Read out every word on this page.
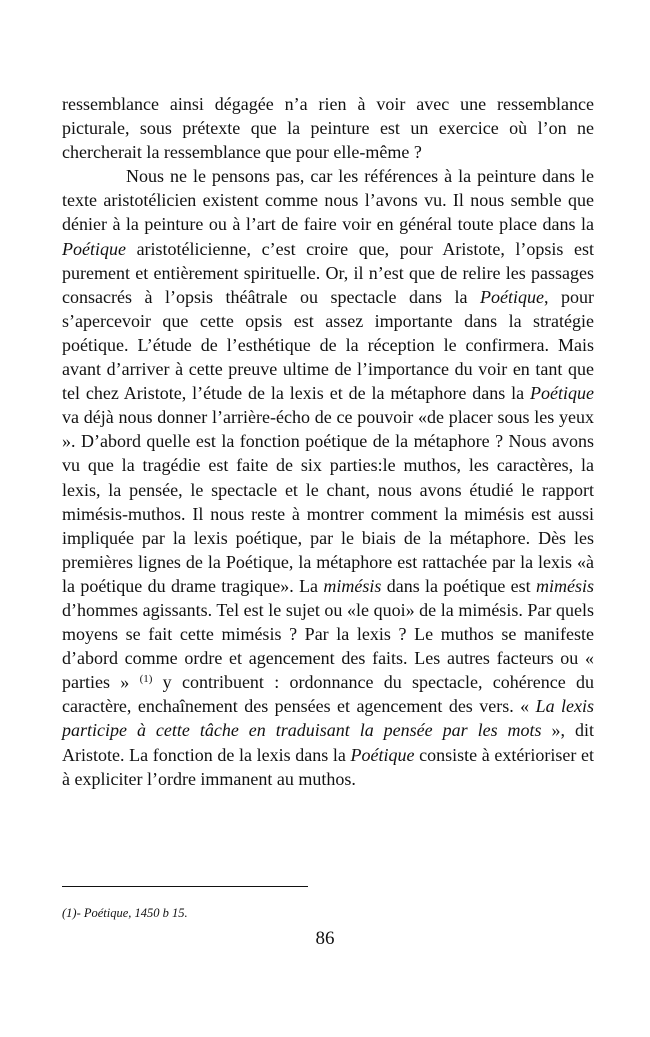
ressemblance ainsi dégagée n’a rien à voir avec une ressemblance picturale, sous prétexte que la peinture est un exercice où l’on ne chercherait la ressemblance que pour elle-même ?

Nous ne le pensons pas, car les références à la peinture dans le texte aristotélicien existent comme nous l’avons vu. Il nous semble que dénier à la peinture ou à l’art de faire voir en général toute place dans la Poétique aristotélicienne, c’est croire que, pour Aristote, l’opsis est purement et entièrement spirituelle. Or, il n’est que de relire les passages consacrés à l’opsis théâtrale ou spectacle dans la Poétique, pour s’apercevoir que cette opsis est assez importante dans la stratégie poétique. L’étude de l’esthétique de la réception le confirmera. Mais avant d’arriver à cette preuve ultime de l’importance du voir en tant que tel chez Aristote, l’étude de la lexis et de la métaphore dans la Poétique va déjà nous donner l’arrière-écho de ce pouvoir «de placer sous les yeux ». D’abord quelle est la fonction poétique de la métaphore ? Nous avons vu que la tragédie est faite de six parties:le muthos, les caractères, la lexis, la pensée, le spectacle et le chant, nous avons étudié le rapport mimésis-muthos. Il nous reste à montrer comment la mimésis est aussi impliquée par la lexis poétique, par le biais de la métaphore. Dès les premières lignes de la Poétique, la métaphore est rattachée par la lexis «à la poétique du drame tragique». La mimésis dans la poétique est mimésis d’hommes agissants. Tel est le sujet ou «le quoi» de la mimésis. Par quels moyens se fait cette mimésis ? Par la lexis ? Le muthos se manifeste d’abord comme ordre et agencement des faits. Les autres facteurs ou « parties » $^{(1)}$ y contribuent : ordonnance du spectacle, cohérence du caractère, enchaînement des pensées et agencement des vers. « La lexis participe à cette tâche en traduisant la pensée par les mots », dit Aristote. La fonction de la lexis dans la Poétique consiste à extérioriser et à expliciter l’ordre immanent au muthos.

(1)- Poétique, 1450 b 15.
86
